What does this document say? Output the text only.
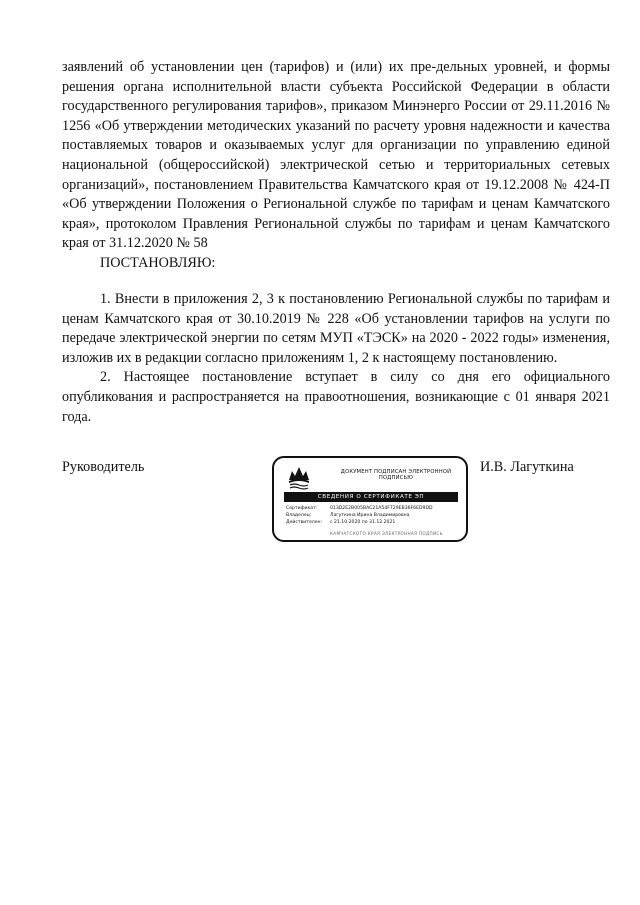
заявлений об установлении цен (тарифов) и (или) их пре-дельных уровней, и формы решения органа исполнительной власти субъекта Российской Федерации в области государственного регулирования тарифов», приказом Минэнерго России от 29.11.2016 № 1256 «Об утверждении методических указаний по расчету уровня надежности и качества поставляемых товаров и оказываемых услуг для организации по управлению единой национальной (общероссийской) электрической сетью и территориальных сетевых организаций», постановлением Правительства Камчатского края от 19.12.2008 № 424-П «Об утверждении Положения о Региональной службе по тарифам и ценам Камчатского края», протоколом Правления Региональной службы по тарифам и ценам Камчатского края от 31.12.2020 № 58
ПОСТАНОВЛЯЮ:

1. Внести в приложения 2, 3 к постановлению Региональной службы по тарифам и ценам Камчатского края от 30.10.2019 № 228 «Об установлении тарифов на услуги по передаче электрической энергии по сетям МУП «ТЭСК» на 2020 - 2022 годы» изменения, изложив их в редакции согласно приложениям 1, 2 к настоящему постановлению.

2. Настоящее постановление вступает в силу со дня его официального опубликования и распространяется на правоотношения, возникающие с 01 января 2021 года.

Руководитель	ДОКУМЕНТ ПОДПИСАН ЭЛЕКТРОННОЙ ПОДПИСЬЮ
СВЕДЕНИЯ О СЕРТИФИКАТЕ ЭП
Сертификат:	013D2E2B005BAC21A54F729EB36F6ED9DD
Владелец:	Лагуткина Ирина Владимировна
Действителен:	с 21.10.2020 по 31.12.2021
КАМЧАТСКОГО КРАЯ ЭЛЕКТРОННАЯ ПОДПИСЬ
И.В. Лагуткина
